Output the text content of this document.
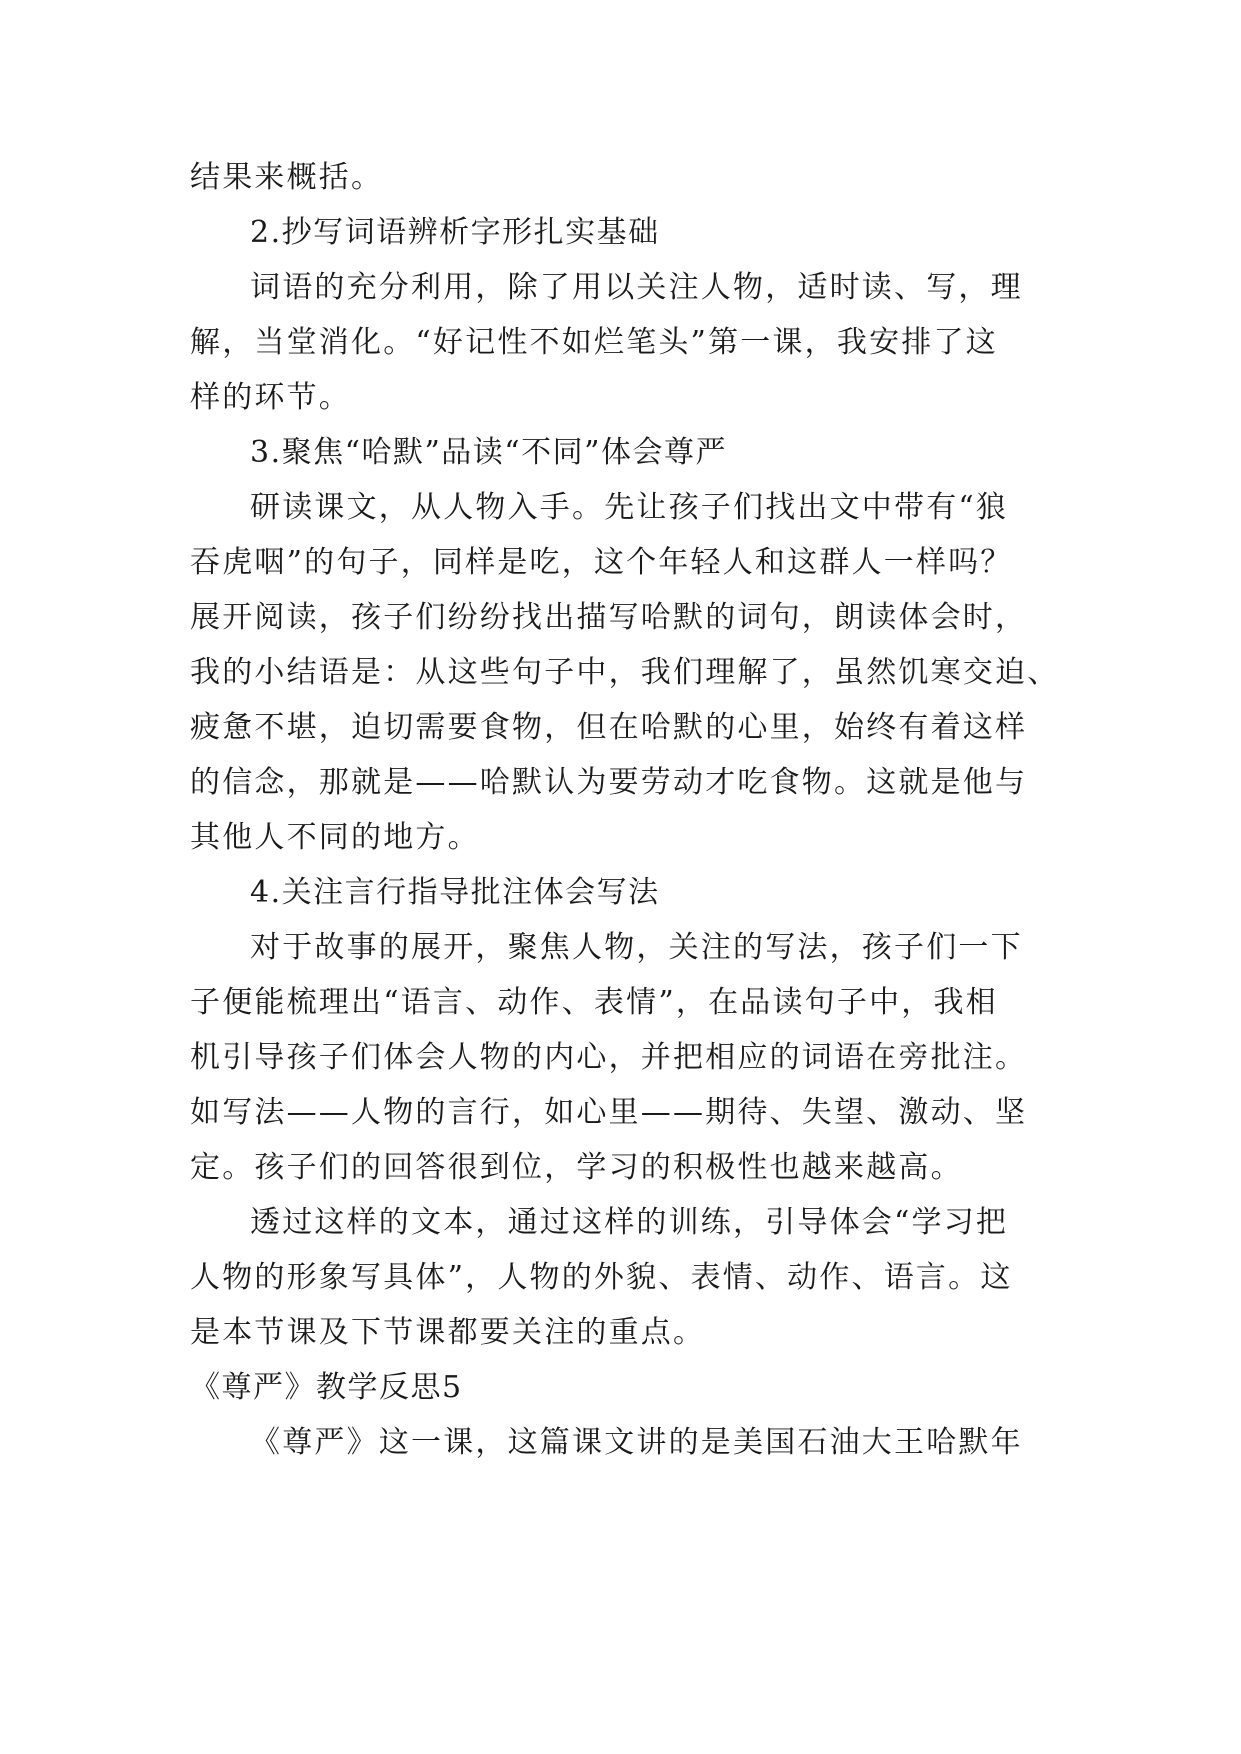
结果来概括。
2.抄写词语辨析字形扎实基础
词语的充分利用，除了用以关注人物，适时读、写，理
解，当堂消化。“好记性不如烂笔头”第一课，我安排了这
样的环节。
3.聚焦“哈默”品读“不同”体会尊严
研读课文，从人物入手。先让孩子们找出文中带有“狼
吞虎咽”的句子，同样是吃，这个年轻人和这群人一样吗？
展开阅读，孩子们纷纷找出描写哈默的词句，朗读体会时，
我的小结语是：从这些句子中，我们理解了，虽然饥寒交迫、
疲惫不堪，迫切需要食物，但在哈默的心里，始终有着这样
的信念，那就是——哈默认为要劳动才吃食物。这就是他与
其他人不同的地方。
4.关注言行指导批注体会写法
对于故事的展开，聚焦人物，关注的写法，孩子们一下
子便能梳理出“语言、动作、表情”，在品读句子中，我相
机引导孩子们体会人物的内心，并把相应的词语在旁批注。
如写法——人物的言行，如心里——期待、失望、激动、坚
定。孩子们的回答很到位，学习的积极性也越来越高。
透过这样的文本，通过这样的训练，引导体会“学习把
人物的形象写具体”，人物的外貌、表情、动作、语言。这
是本节课及下节课都要关注的重点。
《尊严》教学反思5
《尊严》这一课，这篇课文讲的是美国石油大王哈默年
